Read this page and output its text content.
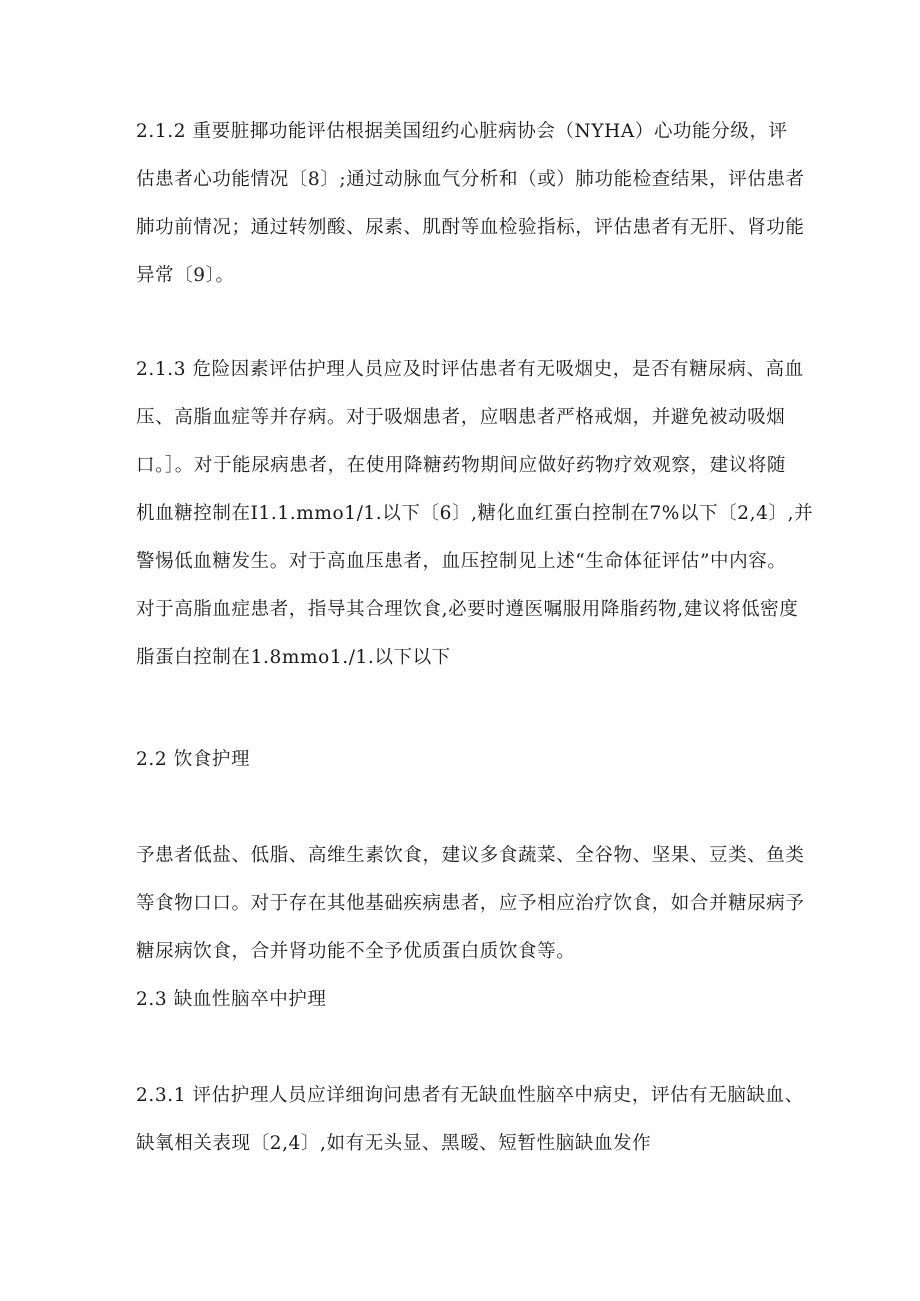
2.1.2 重要脏揶功能评估根据美国纽约心脏病协会（NYHA）心功能分级，评
估患者心功能情况〔8〕;通过动脉血气分析和（或）肺功能检查结果，评估患者
肺功前情况；通过转刎酸、尿素、肌酎等血检验指标，评估患者有无肝、肾功能
异常〔9〕。
2.1.3 危险因素评估护理人员应及时评估患者有无吸烟史，是否有糖尿病、高血
压、高脂血症等并存病。对于吸烟患者，应咽患者严格戒烟，并避免被动吸烟
口。］。对于能尿病患者，在使用降糖药物期间应做好药物疗效观察，建议将随
机血糖控制在I1.1.mmo1/1.以下〔6〕,糖化血红蛋白控制在7%以下〔2,4〕,并
警惕低血糖发生。对于高血压患者，血压控制见上述“生命体征评估”中内容。
对于高脂血症患者，指导其合理饮食,必要时遵医嘱服用降脂药物,建议将低密度
脂蛋白控制在1.8mmo1./1.以下以下
2.2 饮食护理
予患者低盐、低脂、高维生素饮食，建议多食蔬菜、全谷物、坚果、豆类、鱼类
等食物口口。对于存在其他基础疾病患者，应予相应治疗饮食，如合并糖尿病予
糖尿病饮食，合并肾功能不全予优质蛋白质饮食等。
2.3 缺血性脑卒中护理
2.3.1 评估护理人员应详细询问患者有无缺血性脑卒中病史，评估有无脑缺血、
缺氧相关表现〔2,4〕,如有无头显、黑暧、短暂性脑缺血发作
